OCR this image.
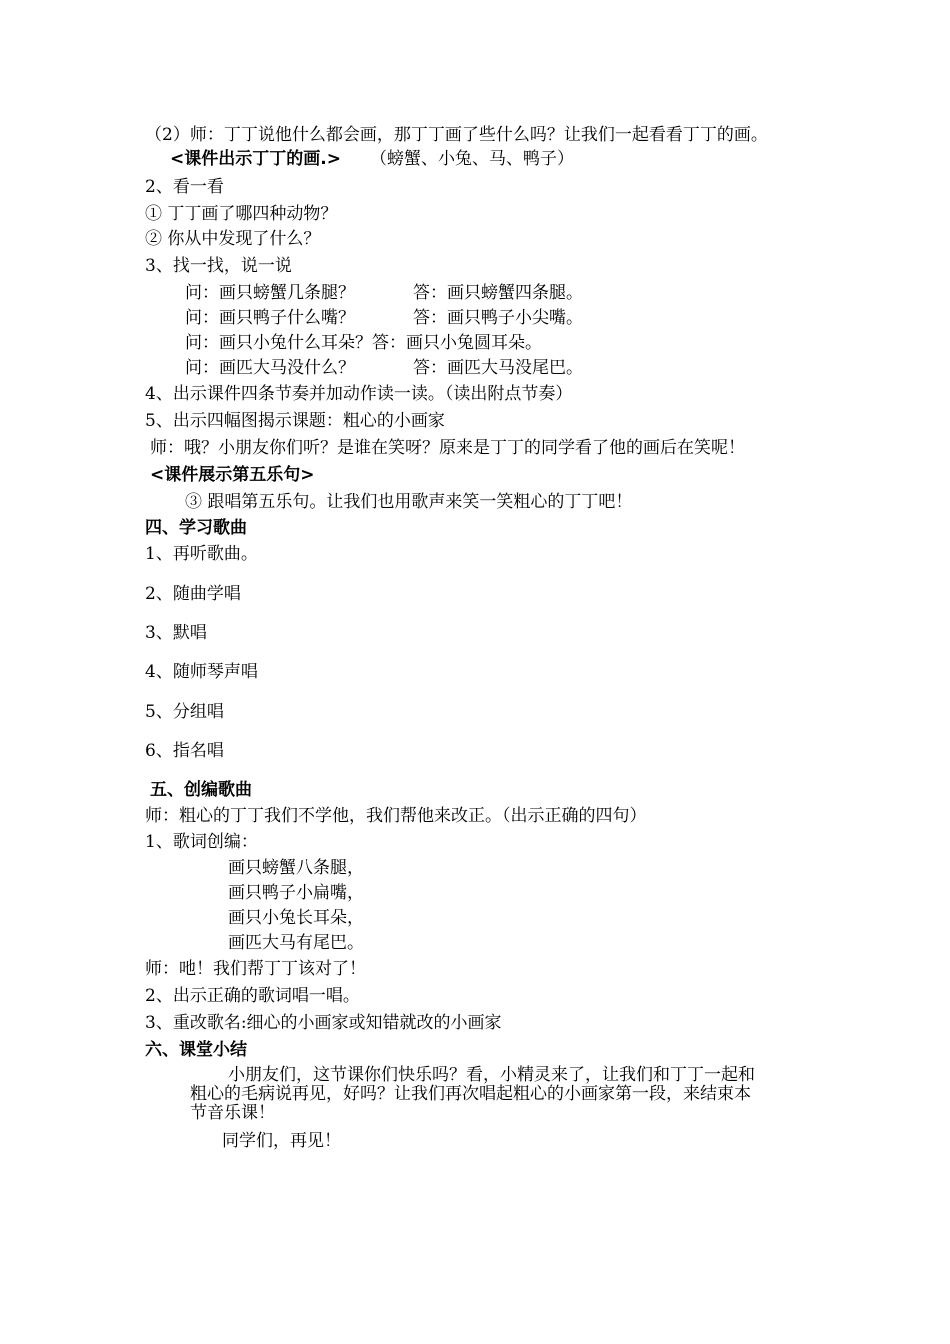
（2）师：丁丁说他什么都会画，那丁丁画了些什么吗？让我们一起看看丁丁的画。
<课件出示丁丁的画.> （螃蟹、小兔、马、鸭子）
2、看一看
① 丁丁画了哪四种动物？
② 你从中发现了什么？
3、找一找，说一说
问：画只螃蟹几条腿？	答：画只螃蟹四条腿。
问：画只鸭子什么嘴？	答：画只鸭子小尖嘴。
问：画只小兔什么耳朵？答：画只小兔圆耳朵。
问：画匹大马没什么？	答：画匹大马没尾巴。
4、出示课件四条节奏并加动作读一读。（读出附点节奏）
5、出示四幅图揭示课题：粗心的小画家
师：哦？小朋友你们听？是谁在笑呀？原来是丁丁的同学看了他的画后在笑呢！
<课件展示第五乐句>
③ 跟唱第五乐句。让我们也用歌声来笑一笑粗心的丁丁吧！
四、学习歌曲
1、再听歌曲。
2、随曲学唱
3、默唱
4、随师琴声唱
5、分组唱
6、指名唱
五、创编歌曲
师：粗心的丁丁我们不学他，我们帮他来改正。（出示正确的四句）
1、歌词创编：
画只螃蟹八条腿，
画只鸭子小扁嘴，
画只小兔长耳朵，
画匹大马有尾巴。
师：吔！我们帮丁丁该对了！
2、出示正确的歌词唱一唱。
3、重改歌名:细心的小画家或知错就改的小画家
六、课堂小结
小朋友们，这节课你们快乐吗？看，小精灵来了，让我们和丁丁一起和
粗心的毛病说再见，好吗？让我们再次唱起粗心的小画家第一段，来结束本
节音乐课！
同学们，再见！
